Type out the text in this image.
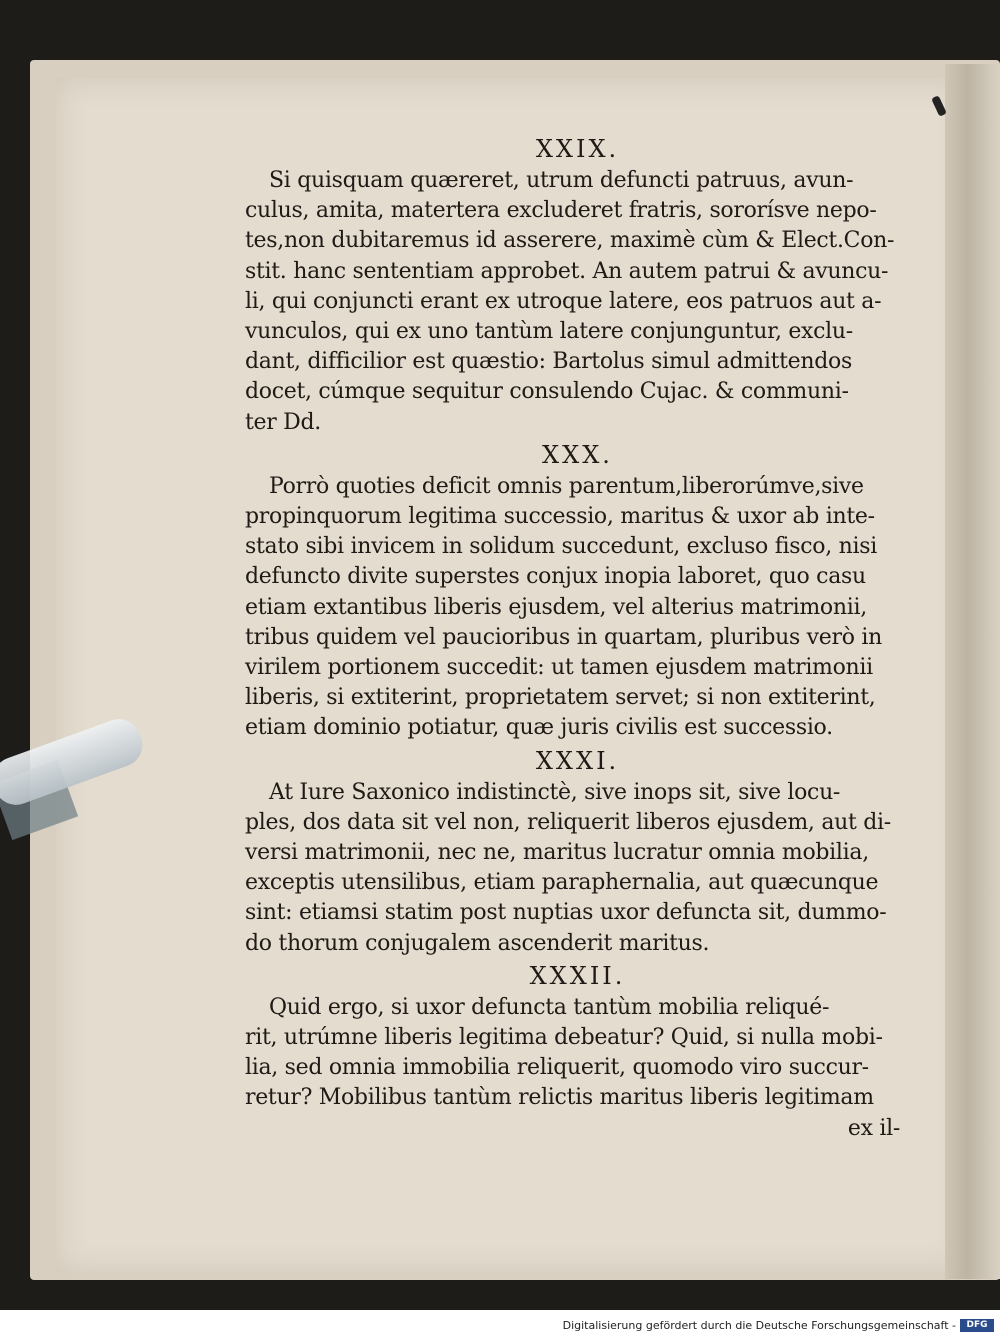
XXIX.
Si quisquam quæreret, utrum defuncti patruus, avun-
culus, amita, matertera excluderet fratris, sororísve nepo-
tes,non dubitaremus id asserere, maximè cùm & Elect.Con-
stit. hanc sententiam approbet. An autem patrui & avuncu-
li, qui conjuncti erant ex utroque latere, eos patruos aut a-
vunculos, qui ex uno tantùm latere conjunguntur, exclu-
dant, difficilior est quæstio: Bartolus simul admittendos
docet, cúmque sequitur consulendo Cujac. & communi-
ter Dd.
XXX.
Porrò quoties deficit omnis parentum,liberorúmve,sive
propinquorum legitima successio, maritus & uxor ab inte-
stato sibi invicem in solidum succedunt, excluso fisco, nisi
defuncto divite superstes conjux inopia laboret, quo casu
etiam extantibus liberis ejusdem, vel alterius matrimonii,
tribus quidem vel paucioribus in quartam, pluribus verò in
virilem portionem succedit: ut tamen ejusdem matrimonii
liberis, si extiterint, proprietatem servet; si non extiterint,
etiam dominio potiatur, quæ juris civilis est successio.
XXXI.
At Iure Saxonico indistinctè, sive inops sit, sive locu-
ples, dos data sit vel non, reliquerit liberos ejusdem, aut di-
versi matrimonii, nec ne, maritus lucratur omnia mobilia,
exceptis utensilibus, etiam paraphernalia, aut quæcunque
sint: etiamsi statim post nuptias uxor defuncta sit, dummo-
do thorum conjugalem ascenderit maritus.
XXXII.
Quid ergo, si uxor defuncta tantùm mobilia reliqué-
rit, utrúmne liberis legitima debeatur? Quid, si nulla mobi-
lia, sed omnia immobilia reliquerit, quomodo viro succur-
retur? Mobilibus tantùm relictis maritus liberis legitimam
ex il-
Digitalisierung gefördert durch die Deutsche Forschungsgemeinschaft -	DFG
